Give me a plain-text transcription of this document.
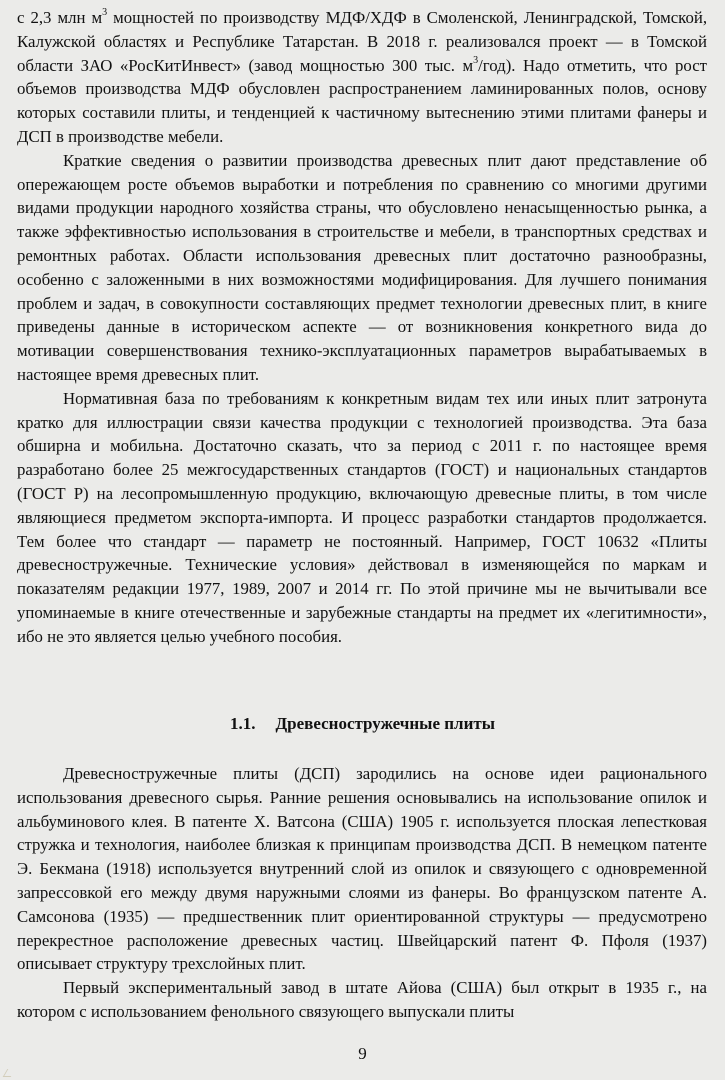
с 2,3 млн $м^3$ мощностей по производству МДФ/ХДФ в Смоленской, Ленинградской, Томской, Калужской областях и Республике Татарстан. В 2018 г. реализовался проект — в Томской области ЗАО «РосКитИнвест» (завод мощностью 300 тыс. $м^3/год$). Надо отметить, что рост объемов производства МДФ обусловлен распространением ламинированных полов, основу которых составили плиты, и тенденцией к частичному вытеснению этими плитами фанеры и ДСП в производстве мебели.

Краткие сведения о развитии производства древесных плит дают представление об опережающем росте объемов выработки и потребления по сравнению со многими другими видами продукции народного хозяйства страны, что обусловлено ненасыщенностью рынка, а также эффективностью использования в строительстве и мебели, в транспортных средствах и ремонтных работах. Области использования древесных плит достаточно разнообразны, особенно с заложенными в них возможностями модифицирования. Для лучшего понимания проблем и задач, в совокупности составляющих предмет технологии древесных плит, в книге приведены данные в историческом аспекте — от возникновения конкретного вида до мотивации совершенствования технико-эксплуатационных параметров вырабатываемых в настоящее время древесных плит.

Нормативная база по требованиям к конкретным видам тех или иных плит затронута кратко для иллюстрации связи качества продукции с технологией производства. Эта база обширна и мобильна. Достаточно сказать, что за период с 2011 г. по настоящее время разработано более 25 межгосударственных стандартов (ГОСТ) и национальных стандартов (ГОСТ Р) на лесопромышленную продукцию, включающую древесные плиты, в том числе являющиеся предметом экспорта-импорта. И процесс разработки стандартов продолжается. Тем более что стандарт — параметр не постоянный. Например, ГОСТ 10632 «Плиты древесностружечные. Технические условия» действовал в изменяющейся по маркам и показателям редакции 1977, 1989, 2007 и 2014 гг. По этой причине мы не вычитывали все упоминаемые в книге отечественные и зарубежные стандарты на предмет их «легитимности», ибо не это является целью учебного пособия.

1.1. Древесностружечные плиты

Древесностружечные плиты (ДСП) зародились на основе идеи рационального использования древесного сырья. Ранние решения основывались на использование опилок и альбуминового клея. В патенте Х. Ватсона (США) 1905 г. используется плоская лепестковая стружка и технология, наиболее близкая к принципам производства ДСП. В немецком патенте Э. Бекмана (1918) используется внутренний слой из опилок и связующего с одновременной запрессовкой его между двумя наружными слоями из фанеры. Во французском патенте А. Самсонова (1935) — предшественник плит ориентированной структуры — предусмотрено перекрестное расположение древесных частиц. Швейцарский патент Ф. Пфоля (1937) описывает структуру трехслойных плит.

Первый экспериментальный завод в штате Айова (США) был открыт в 1935 г., на котором с использованием фенольного связующего выпускали плиты

9
